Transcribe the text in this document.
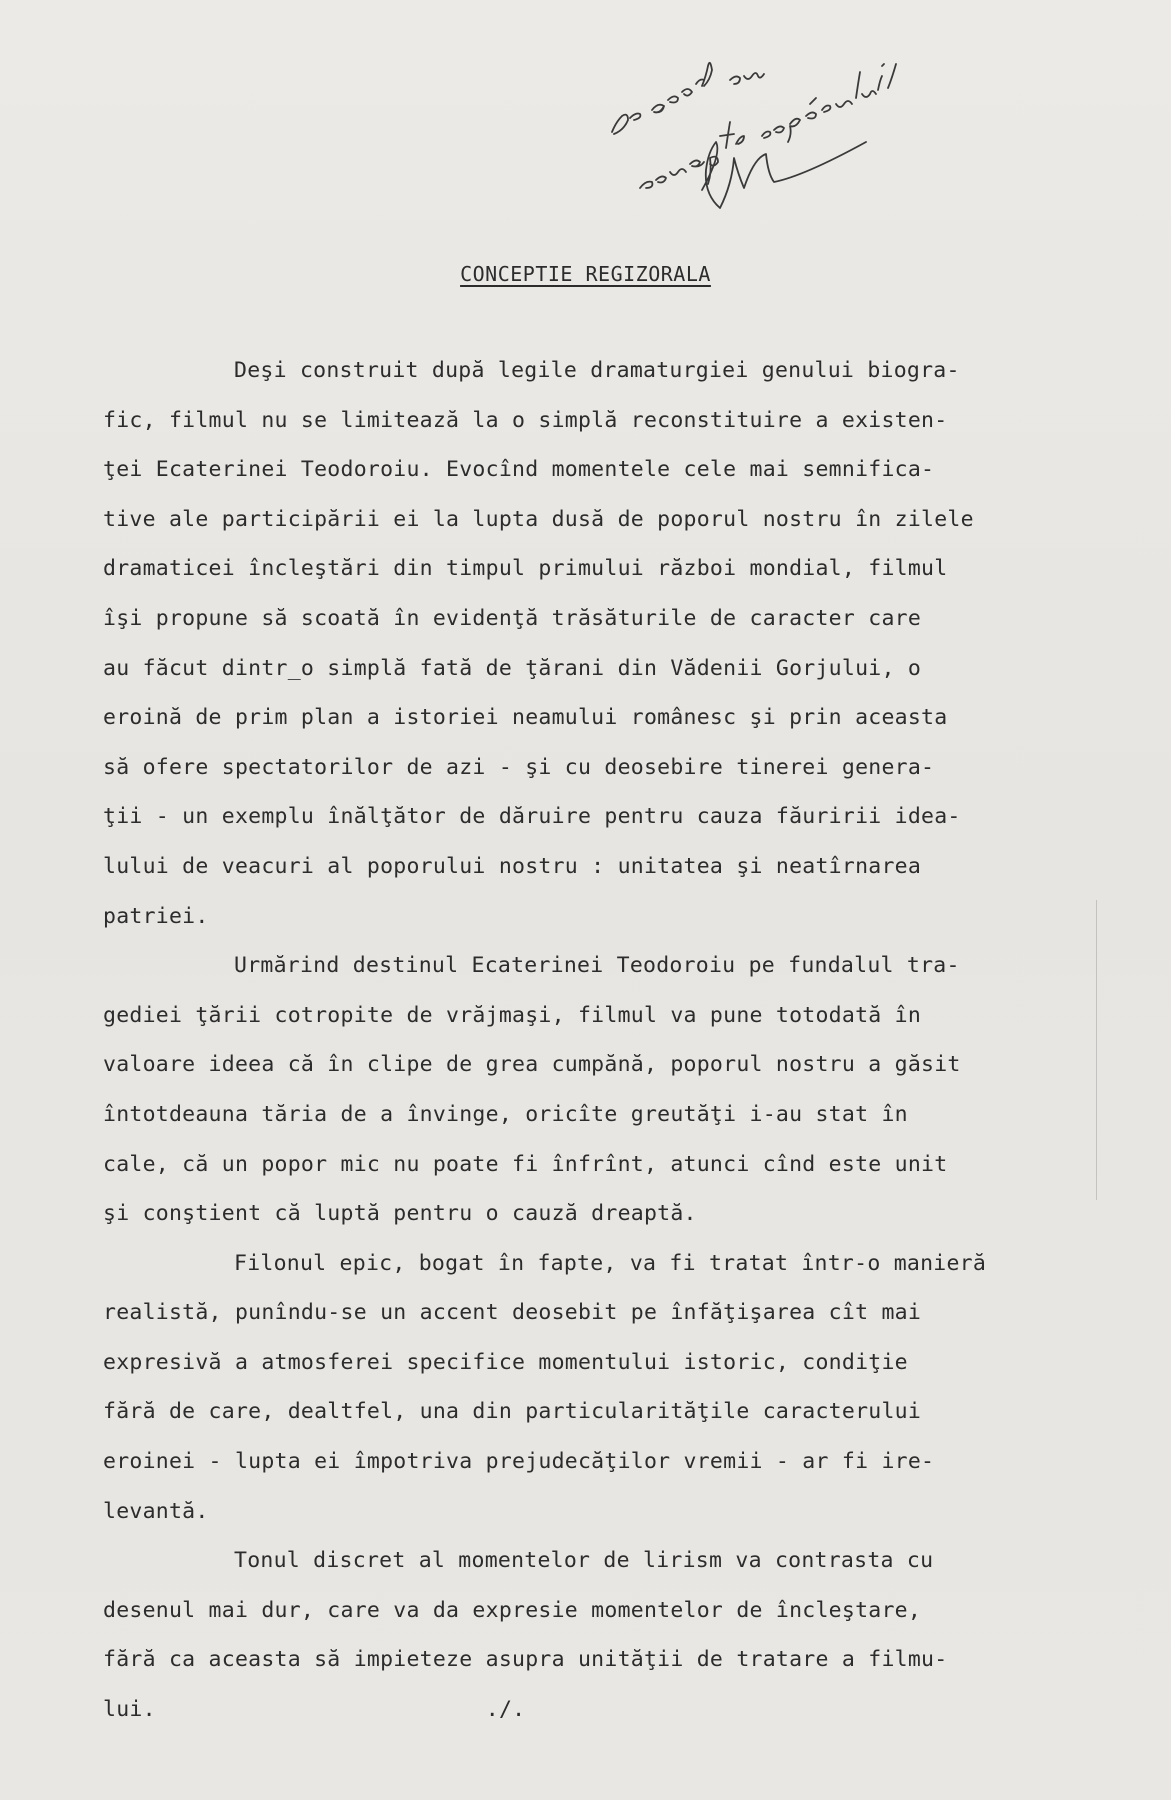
CONCEPTIE REGIZORALA
Deşi construit după legile dramaturgiei genului biogra-
fic, filmul nu se limitează la o simplă reconstituire a existen-
ţei Ecaterinei Teodoroiu. Evocînd momentele cele mai semnifica-
tive ale participării ei la lupta dusă de poporul nostru în zilele
dramaticei încleştări din timpul primului război mondial, filmul
îşi propune să scoată în evidenţă trăsăturile de caracter care
au făcut dintr_o simplă fată de ţărani din Vădenii Gorjului, o
eroină de prim plan a istoriei neamului românesc şi prin aceasta
să ofere spectatorilor de azi - şi cu deosebire tinerei genera-
ţii - un exemplu înălţător de dăruire pentru cauza făuririi idea-
lului de veacuri al poporului nostru : unitatea şi neatîrnarea
patriei.
Urmărind destinul Ecaterinei Teodoroiu pe fundalul tra-
gediei ţării cotropite de vrăjmaşi, filmul va pune totodată în
valoare ideea că în clipe de grea cumpănă, poporul nostru a găsit
întotdeauna tăria de a învinge, oricîte greutăţi i-au stat în
cale, că un popor mic nu poate fi înfrînt, atunci cînd este unit
şi conştient că luptă pentru o cauză dreaptă.
Filonul epic, bogat în fapte, va fi tratat într-o manieră
realistă, punîndu-se un accent deosebit pe înfăţişarea cît mai
expresivă a atmosferei specifice momentului istoric, condiţie
fără de care, dealtfel, una din particularităţile caracterului
eroinei - lupta ei împotriva prejudecăţilor vremii - ar fi ire-
levantă.
Tonul discret al momentelor de lirism va contrasta cu
desenul mai dur, care va da expresie momentelor de încleştare,
fără ca aceasta să impieteze asupra unităţii de tratare a filmu-
lui.	./.
